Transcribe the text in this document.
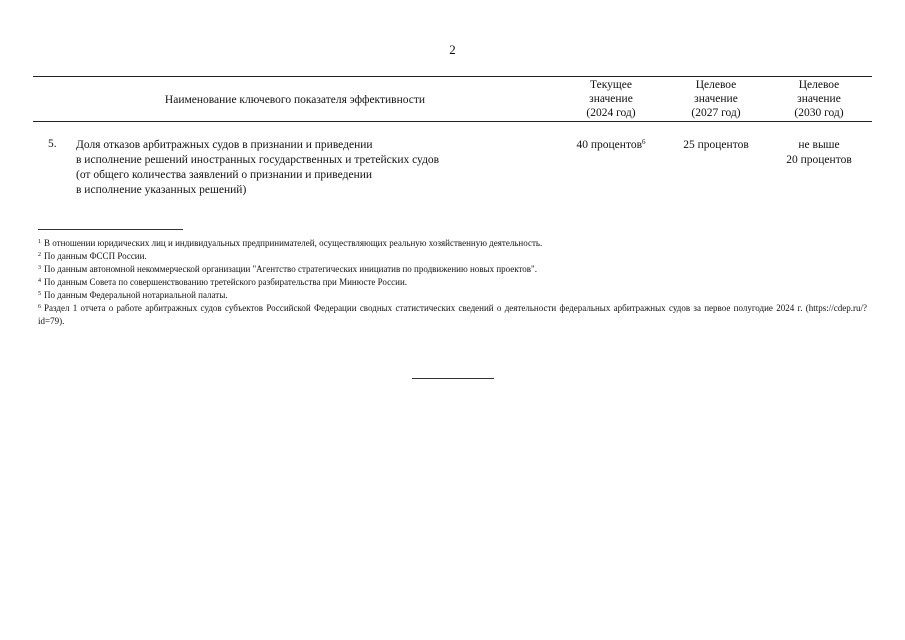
2
Наименование ключевого показателя эффективности
Текущее
значение
(2024 год)
Целевое
значение
(2027 год)
Целевое
значение
(2030 год)
5. Доля отказов арбитражных судов в признании и приведении
в исполнение решений иностранных государственных и третейских судов
(от общего количества заявлений о признании и приведении
в исполнение указанных решений)
40 процентов$^6$	25 процентов	не выше
20 процентов

$^1$ В отношении юридических лиц и индивидуальных предпринимателей, осуществляющих реальную хозяйственную деятельность.

$^2$ По данным ФССП России.

$^3$ По данным автономной некоммерческой организации "Агентство стратегических инициатив по продвижению новых проектов".

$^4$ По данным Совета по совершенствованию третейского разбирательства при Минюсте России.

$^5$ По данным Федеральной нотариальной палаты.

$^6$ Раздел 1 отчета о работе арбитражных судов субъектов Российской Федерации сводных статистических сведений о деятельности федеральных арбитражных судов за первое полугодие 2024 г. (https://cdep.ru/?id=79).
